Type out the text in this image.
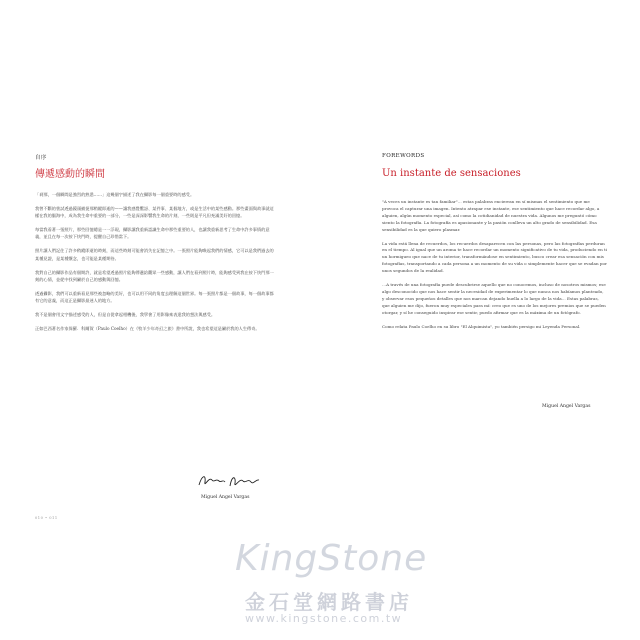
自序
傳遞感動的瞬間

「剎那，一個瞬間是強烈的熟悉……」這幾個字描述了我在攝影每一個重要時的感受。

我曾不斷的嘗試透過鏡頭捕捉那稍縱即逝的——讓我感覺驚訝、某件事、某個地方，或是生活中的某些感動。那些畫面與故事就這樣在我的腦海中，成為我生命中重要的一部分，一些是深深影響我生命的片刻，一些則是平凡但充滿美好的回憶。

每當我看著一張照片，那些回憶總是一一浮現，攝影讓我重新認識生命中那些重要的人，也讓我重新思考了生命中許多事情的意義，並且在每一次按下快門時，提醒自己珍惜當下。

照片讓人們記住了許多稍縱即逝的時刻，而這些時刻可能會消失在記憶之中。一張照片能夠喚起我們的情感，它可以是我們過去的某種見證，是某種懷念，也可能是某種期待。

我對自己的攝影作品有個期許，就是希望透過照片能夠傳遞給觀眾一些感動，讓人們在看到照片時，能夠感受到我在按下快門那一刻的心情，並從中找到屬於自己的感動與回憶。

透過攝影，我們可以重新看見那些被忽略的美好，也可以用不同的角度去理解這個世界。每一張照片都是一個故事，每一個故事都有它的意義，而這正是攝影最迷人的地方。

我不是個會用文字描述感受的人，但是自從拿起相機後，我學會了用影像來表達我的想法與感受。

正如巴西著名作家保羅．科爾賀（Paulo Coelho）在《牧羊少年奇幻之旅》書中所說，我也希望這是屬於我的人生傳奇。

Miguel Angel Vargas
010 • 011
FOREWORDS
Un instante de sensaciones

"A veces un instante es tan familiar"… estas palabras encierran en sí mismas el sentimiento que me provoca el capturar una imagen. Intento atrapar ese instante, ese sentimiento que hace recordar algo, a alguien, algún momento especial, así como la cotidianidad de nuestra vida. Algunos me preguntó cómo siento la fotografía. La fotografía es apasionante y la pasión conlleva un alto grado de sensibilidad. Esa sensibilidad es la que quiero plasmar.

La vida está llena de recuerdos, los recuerdos desaparecen con las personas, pero las fotografías perduran en el tiempo. Al igual que un aroma te hace recordar un momento significativo de tu vida, produciendo en ti un hormigueo que nace de tu interior, transformándose en sentimiento, busco crear esa sensación con mis fotografías, transportando a cada persona a un momento de su vida o simplemente hacer que se evadan por unos segundos de la realidad.

…A través de una fotografía puede descubrirse aquello que no conocemos, incluso de nosotros mismos; ese algo desconocido que nos hace sentir la necesidad de experimentar lo que nunca nos habíamos planteado, y observar esos pequeños detalles que nos marcan dejando huella a lo largo de la vida… Estas palabras, que alguien me dijo, fueron muy especiales para mí: creo que es uno de los mejores premios que se pueden otorgar, y sí he conseguido inspirar ese sentir, puedo afirmar que es la máxima de un fotógrafo.

Como relata Paulo Coelho en su libro "El Alquimista", yo también persigo mi Leyenda Personal.

Miguel Angel Vargas
KingStone
金石堂網路書店
www.kingstone.com.tw
